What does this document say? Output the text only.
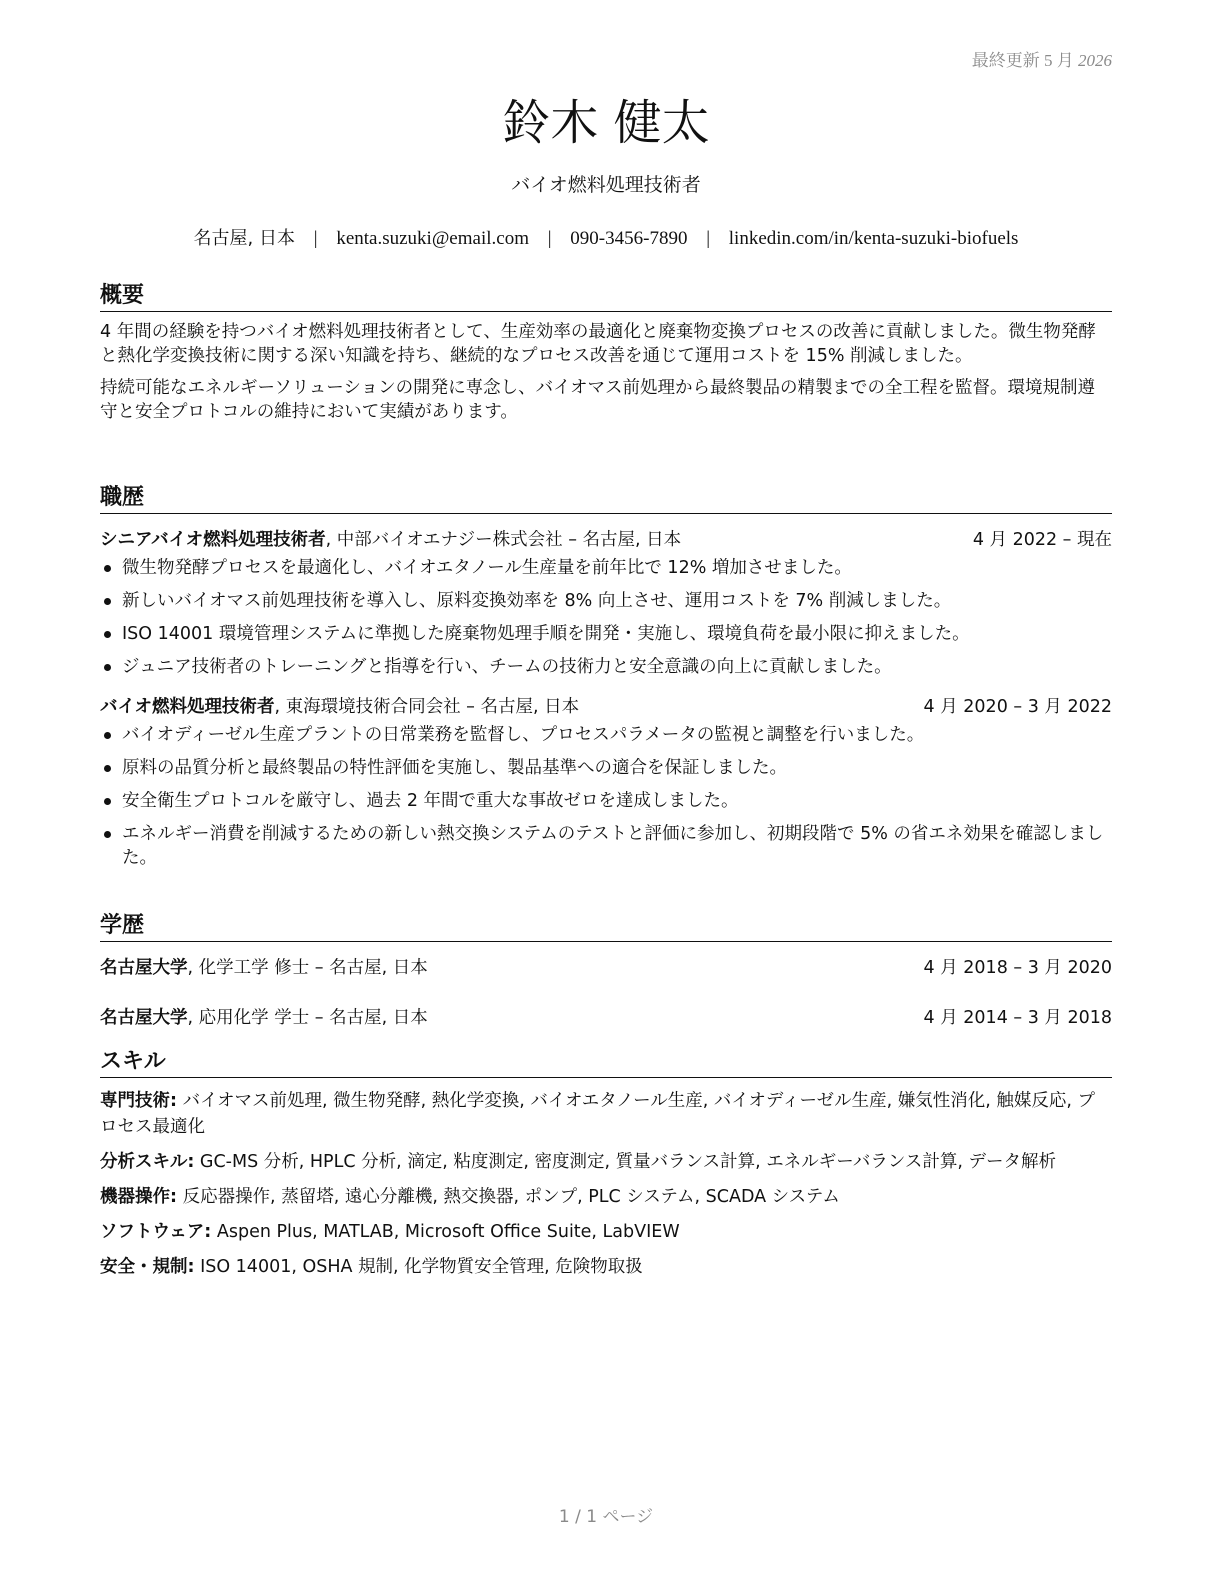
最終更新 5 月 2026
鈴木 健太
バイオ燃料処理技術者
名古屋, 日本 | kenta.suzuki@email.com | 090-3456-7890 | linkedin.com/in/kenta-suzuki-biofuels
概要

4 年間の経験を持つバイオ燃料処理技術者として、生産効率の最適化と廃棄物変換プロセスの改善に貢献しました。微生物発酵と熱化学変換技術に関する深い知識を持ち、継続的なプロセス改善を通じて運用コストを 15% 削減しました。

持続可能なエネルギーソリューションの開発に専念し、バイオマス前処理から最終製品の精製までの全工程を監督。環境規制遵守と安全プロトコルの維持において実績があります。

職歴
シニアバイオ燃料処理技術者, 中部バイオエナジー株式会社 – 名古屋, 日本	4 月 2022 – 現在
微生物発酵プロセスを最適化し、バイオエタノール生産量を前年比で 12% 増加させました。
新しいバイオマス前処理技術を導入し、原料変換効率を 8% 向上させ、運用コストを 7% 削減しました。
ISO 14001 環境管理システムに準拠した廃棄物処理手順を開発・実施し、環境負荷を最小限に抑えました。
ジュニア技術者のトレーニングと指導を行い、チームの技術力と安全意識の向上に貢献しました。
バイオ燃料処理技術者, 東海環境技術合同会社 – 名古屋, 日本	4 月 2020 – 3 月 2022
バイオディーゼル生産プラントの日常業務を監督し、プロセスパラメータの監視と調整を行いました。
原料の品質分析と最終製品の特性評価を実施し、製品基準への適合を保証しました。
安全衛生プロトコルを厳守し、過去 2 年間で重大な事故ゼロを達成しました。
エネルギー消費を削減するための新しい熱交換システムのテストと評価に参加し、初期段階で 5% の省エネ効果を確認しました。
学歴
名古屋大学, 化学工学 修士 – 名古屋, 日本	4 月 2018 – 3 月 2020
名古屋大学, 応用化学 学士 – 名古屋, 日本	4 月 2014 – 3 月 2018
スキル

専門技術: バイオマス前処理, 微生物発酵, 熱化学変換, バイオエタノール生産, バイオディーゼル生産, 嫌気性消化, 触媒反応, プロセス最適化

分析スキル: GC-MS 分析, HPLC 分析, 滴定, 粘度測定, 密度測定, 質量バランス計算, エネルギーバランス計算, データ解析

機器操作: 反応器操作, 蒸留塔, 遠心分離機, 熱交換器, ポンプ, PLC システム, SCADA システム

ソフトウェア: Aspen Plus, MATLAB, Microsoft Office Suite, LabVIEW

安全・規制: ISO 14001, OSHA 規制, 化学物質安全管理, 危険物取扱

1 / 1 ページ
